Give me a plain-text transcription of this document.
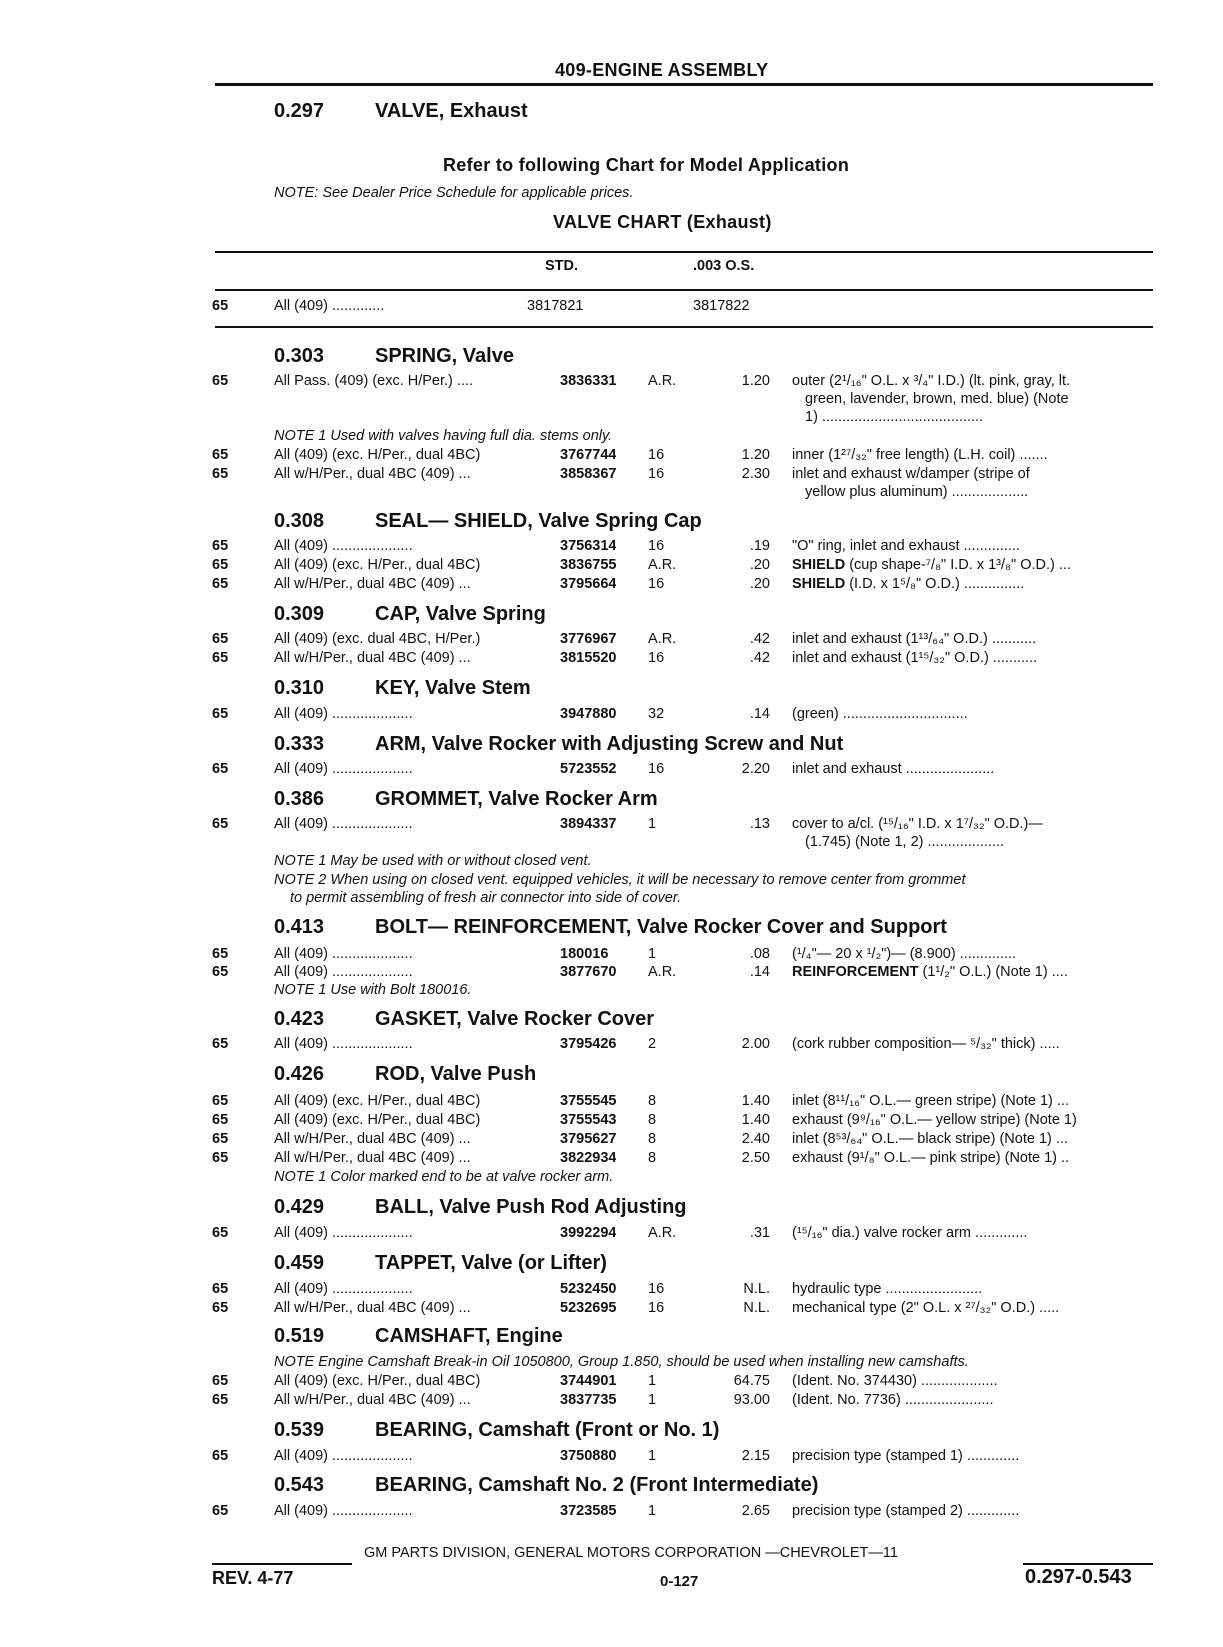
409-ENGINE ASSEMBLY
0.297	VALVE, Exhaust
Refer to following Chart for Model Application
NOTE: See Dealer Price Schedule for applicable prices.
VALVE CHART (Exhaust)
STD.	.003 O.S.
65	All (409) .............	3817821	3817822
0.303	SPRING, Valve
65	All Pass. (409) (exc. H/Per.) ....	3836331 A.R.	1.20 outer (2¹/₁₆" O.L. x ³/₄" I.D.) (lt. pink, gray, lt.
green, lavender, brown, med. blue) (Note
1) ........................................
NOTE 1 Used with valves having full dia. stems only.
65	All (409) (exc. H/Per., dual 4BC)	3767744 16	1.20 inner (1²⁷/₃₂" free length) (L.H. coil) .......
65	All w/H/Per., dual 4BC (409) ...	3858367 16	2.30 inlet and exhaust w/damper (stripe of
yellow plus aluminum) ...................
0.308	SEAL— SHIELD, Valve Spring Cap
65	All (409) ....................	3756314 16	.19 "O" ring, inlet and exhaust ..............
65	All (409) (exc. H/Per., dual 4BC)	3836755 A.R.	.20 SHIELD (cup shape-⁷/₈" I.D. x 1³/₈" O.D.) ...
65	All w/H/Per., dual 4BC (409) ...	3795664 16	.20 SHIELD (I.D. x 1⁵/₈" O.D.) ...............
0.309	CAP, Valve Spring
65	All (409) (exc. dual 4BC, H/Per.)	3776967 A.R.	.42 inlet and exhaust (1¹³/₆₄" O.D.) ...........
65	All w/H/Per., dual 4BC (409) ...	3815520 16	.42 inlet and exhaust (1¹⁵/₃₂" O.D.) ...........
0.310	KEY, Valve Stem
65	All (409) ....................	3947880 32	.14 (green) ...............................
0.333	ARM, Valve Rocker with Adjusting Screw and Nut
65	All (409) ....................	5723552 16	2.20 inlet and exhaust ......................
0.386	GROMMET, Valve Rocker Arm
65	All (409) ....................	3894337 1	.13 cover to a/cl. (¹⁵/₁₆" I.D. x 1⁷/₃₂" O.D.)—
(1.745) (Note 1, 2) ...................
NOTE 1 May be used with or without closed vent.
NOTE 2 When using on closed vent. equipped vehicles, it will be necessary to remove center from grommet
to permit assembling of fresh air connector into side of cover.
0.413	BOLT— REINFORCEMENT, Valve Rocker Cover and Support
65	All (409) ....................	180016	1	.08 (¹/₄"— 20 x ¹/₂")— (8.900) ..............
65	All (409) ....................	3877670 A.R.	.14 REINFORCEMENT (1¹/₂" O.L.) (Note 1) ....
NOTE 1 Use with Bolt 180016.
0.423	GASKET, Valve Rocker Cover
65	All (409) ....................	3795426 2	2.00 (cork rubber composition— ⁵/₃₂" thick) .....
0.426	ROD, Valve Push
65	All (409) (exc. H/Per., dual 4BC)	3755545 8	1.40 inlet (8¹¹/₁₆" O.L.— green stripe) (Note 1) ...
65	All (409) (exc. H/Per., dual 4BC)	3755543 8	1.40 exhaust (9⁹/₁₆" O.L.— yellow stripe) (Note 1)
65	All w/H/Per., dual 4BC (409) ...	3795627 8	2.40 inlet (8⁵³/₆₄" O.L.— black stripe) (Note 1) ...
65	All w/H/Per., dual 4BC (409) ...	3822934 8	2.50 exhaust (9¹/₈" O.L.— pink stripe) (Note 1) ..
NOTE 1 Color marked end to be at valve rocker arm.
0.429	BALL, Valve Push Rod Adjusting
65	All (409) ....................	3992294 A.R.	.31 (¹⁵/₁₆" dia.) valve rocker arm .............
0.459	TAPPET, Valve (or Lifter)
65	All (409) ....................	5232450 16	N.L. hydraulic type ........................
65	All w/H/Per., dual 4BC (409) ...	5232695 16	N.L. mechanical type (2" O.L. x ²⁷/₃₂" O.D.) .....
0.519	CAMSHAFT, Engine
NOTE Engine Camshaft Break-in Oil 1050800, Group 1.850, should be used when installing new camshafts.
65	All (409) (exc. H/Per., dual 4BC)	3744901 1	64.75 (Ident. No. 374430) ...................
65	All w/H/Per., dual 4BC (409) ...	3837735 1	93.00 (Ident. No. 7736) ......................
0.539	BEARING, Camshaft (Front or No. 1)
65	All (409) ....................	3750880 1	2.15 precision type (stamped 1) .............
0.543	BEARING, Camshaft No. 2 (Front Intermediate)
65	All (409) ....................	3723585 1	2.65 precision type (stamped 2) .............
GM PARTS DIVISION, GENERAL MOTORS CORPORATION —CHEVROLET—11
REV. 4-77	0-127	0.297-0.543
